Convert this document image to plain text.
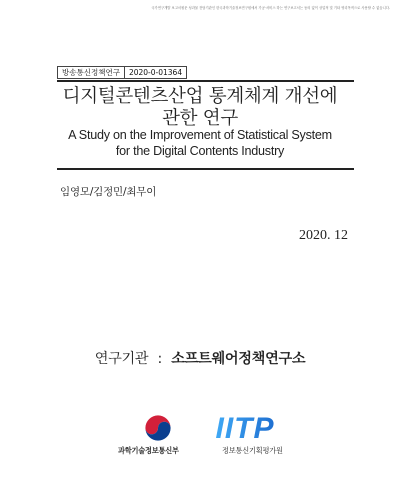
국가연구개발 보고서원문 성과물 전담기관인 한국과학기술정보연구원에서 가공·서비스 하는 연구보고서는 동의 없이 상업적 및 기타 영리목적으로 사용할 수 없습니다.
방송통신정책연구	2020-0-01364
디지털콘텐츠산업 통계체계 개선에
관한 연구
A Study on the Improvement of Statistical System
for the Digital Contents Industry
임영모/김정민/최무이
2020. 12
연구기관 : 소프트웨어정책연구소
과학기술정보통신부
IITP
정보통신기획평가원
